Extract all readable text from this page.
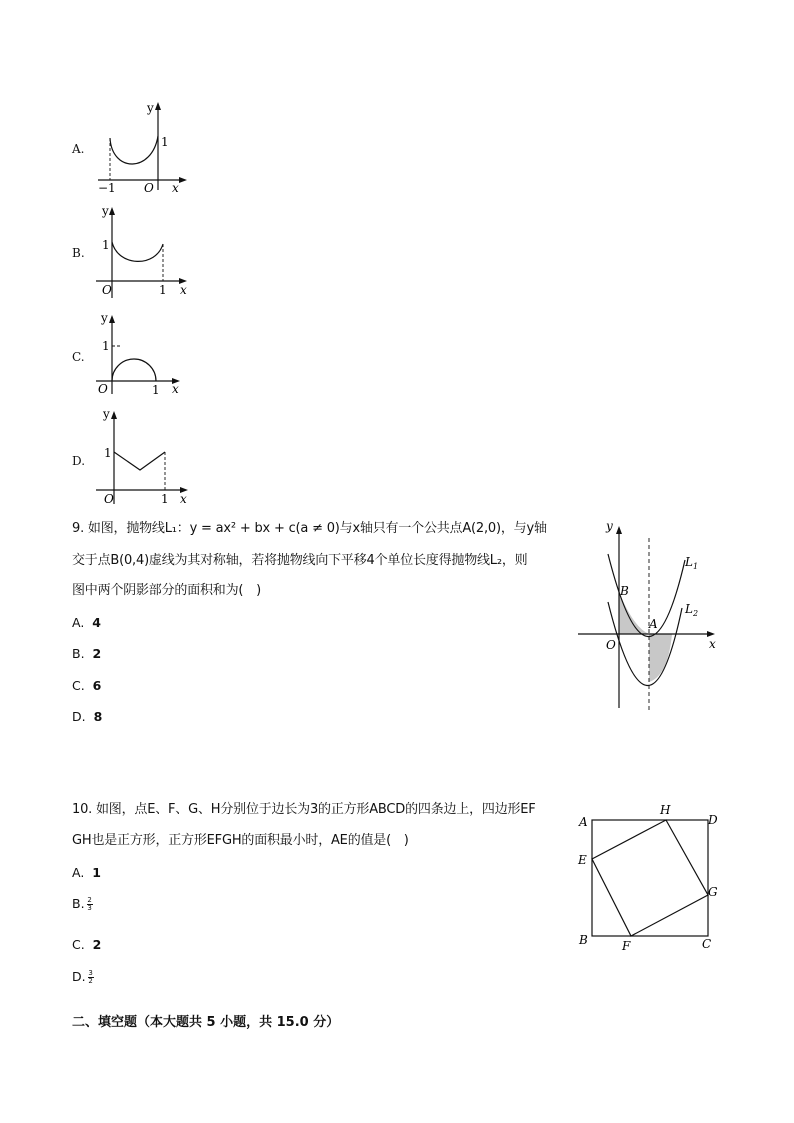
A.
y
x
O
−1
1
B.
y
x
O	1
1
C.
y
x
O	1
1
D.
y
x
O	1
1
9. 如图，抛物线L₁：y = ax² + bx + c(a ≠ 0)与x轴只有一个公共点A(2,0)，与y轴
交于点B(0,4)虚线为其对称轴，若将抛物线向下平移4个单位长度得抛物线L₂，则
图中两个阴影部分的面积和为(　)
A. 4
B. 2
C. 6
D. 8
y
x
O
A
B
$L_1$
$L_2$
10. 如图，点E、F、G、H分别位于边长为3的正方形ABCD的四条边上，四边形EF
GH也是正方形，正方形EFGH的面积最小时，AE的值是(　)
A. 1
B. $\frac{2}{3}$
C. 2
D. $\frac{3}{2}$
A
B	C
D
E
F
G
H
二、填空题（本大题共 5 小题，共 15.0 分）
